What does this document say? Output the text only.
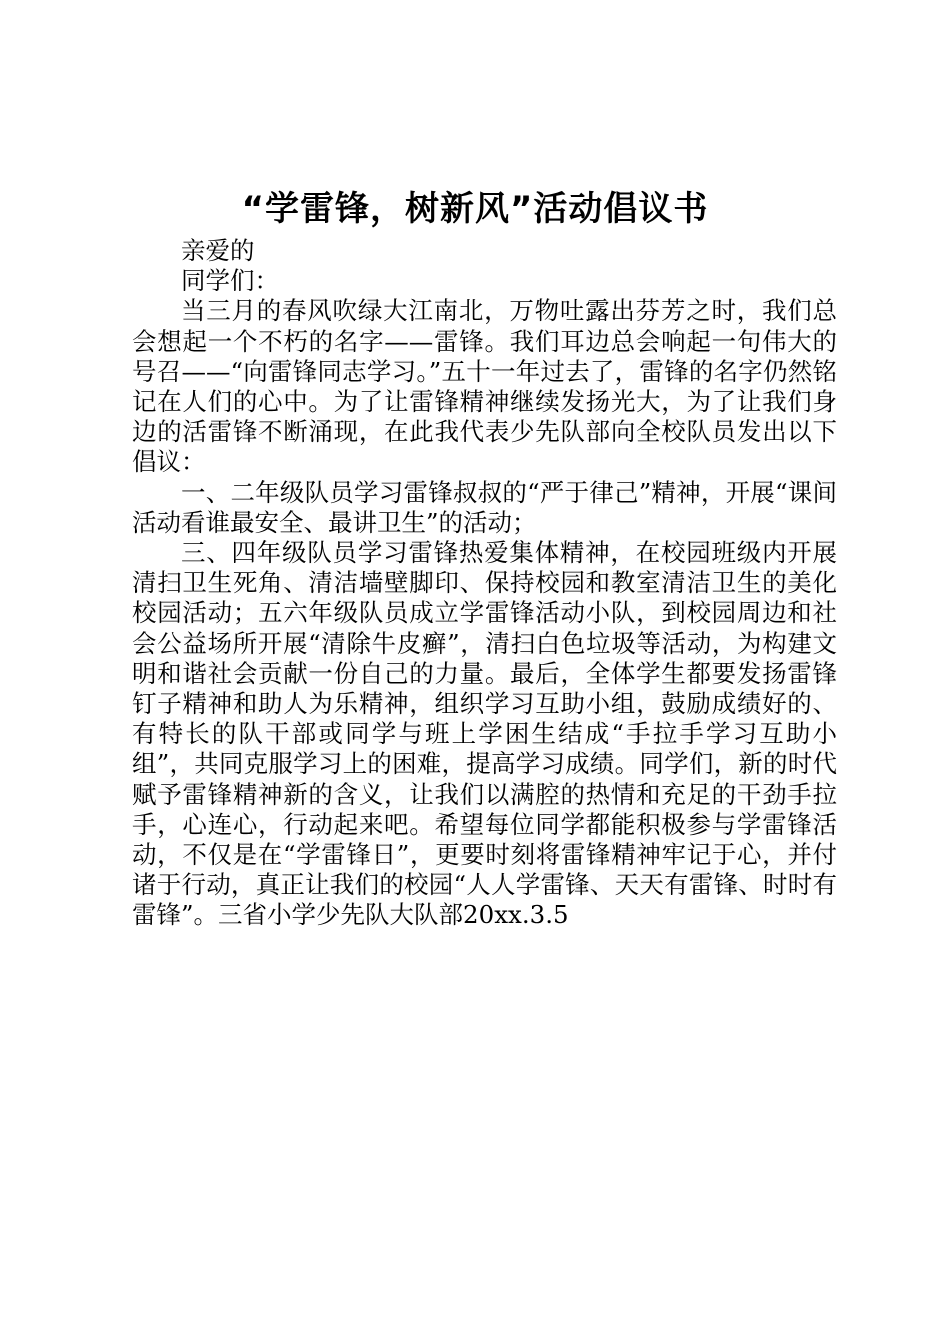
“学雷锋，树新风”活动倡议书

亲爱的

同学们：

当三月的春风吹绿大江南北，万物吐露出芬芳之时，我们总会想起一个不朽的名字——雷锋。我们耳边总会响起一句伟大的号召——“向雷锋同志学习。”五十一年过去了，雷锋的名字仍然铭记在人们的心中。为了让雷锋精神继续发扬光大，为了让我们身边的活雷锋不断涌现，在此我代表少先队部向全校队员发出以下倡议：

一、二年级队员学习雷锋叔叔的“严于律己”精神，开展“课间活动看谁最安全、最讲卫生”的活动；

三、四年级队员学习雷锋热爱集体精神，在校园班级内开展清扫卫生死角、清洁墙壁脚印、保持校园和教室清洁卫生的美化校园活动；五六年级队员成立学雷锋活动小队，到校园周边和社会公益场所开展“清除牛皮癣”，清扫白色垃圾等活动，为构建文明和谐社会贡献一份自己的力量。最后，全体学生都要发扬雷锋钉子精神和助人为乐精神，组织学习互助小组，鼓励成绩好的、有特长的队干部或同学与班上学困生结成“手拉手学习互助小组”，共同克服学习上的困难，提高学习成绩。同学们，新的时代赋予雷锋精神新的含义，让我们以满腔的热情和充足的干劲手拉手，心连心，行动起来吧。希望每位同学都能积极参与学雷锋活动，不仅是在“学雷锋日”，更要时刻将雷锋精神牢记于心，并付诸于行动，真正让我们的校园“人人学雷锋、天天有雷锋、时时有雷锋”。三省小学少先队大队部20xx.3.5
